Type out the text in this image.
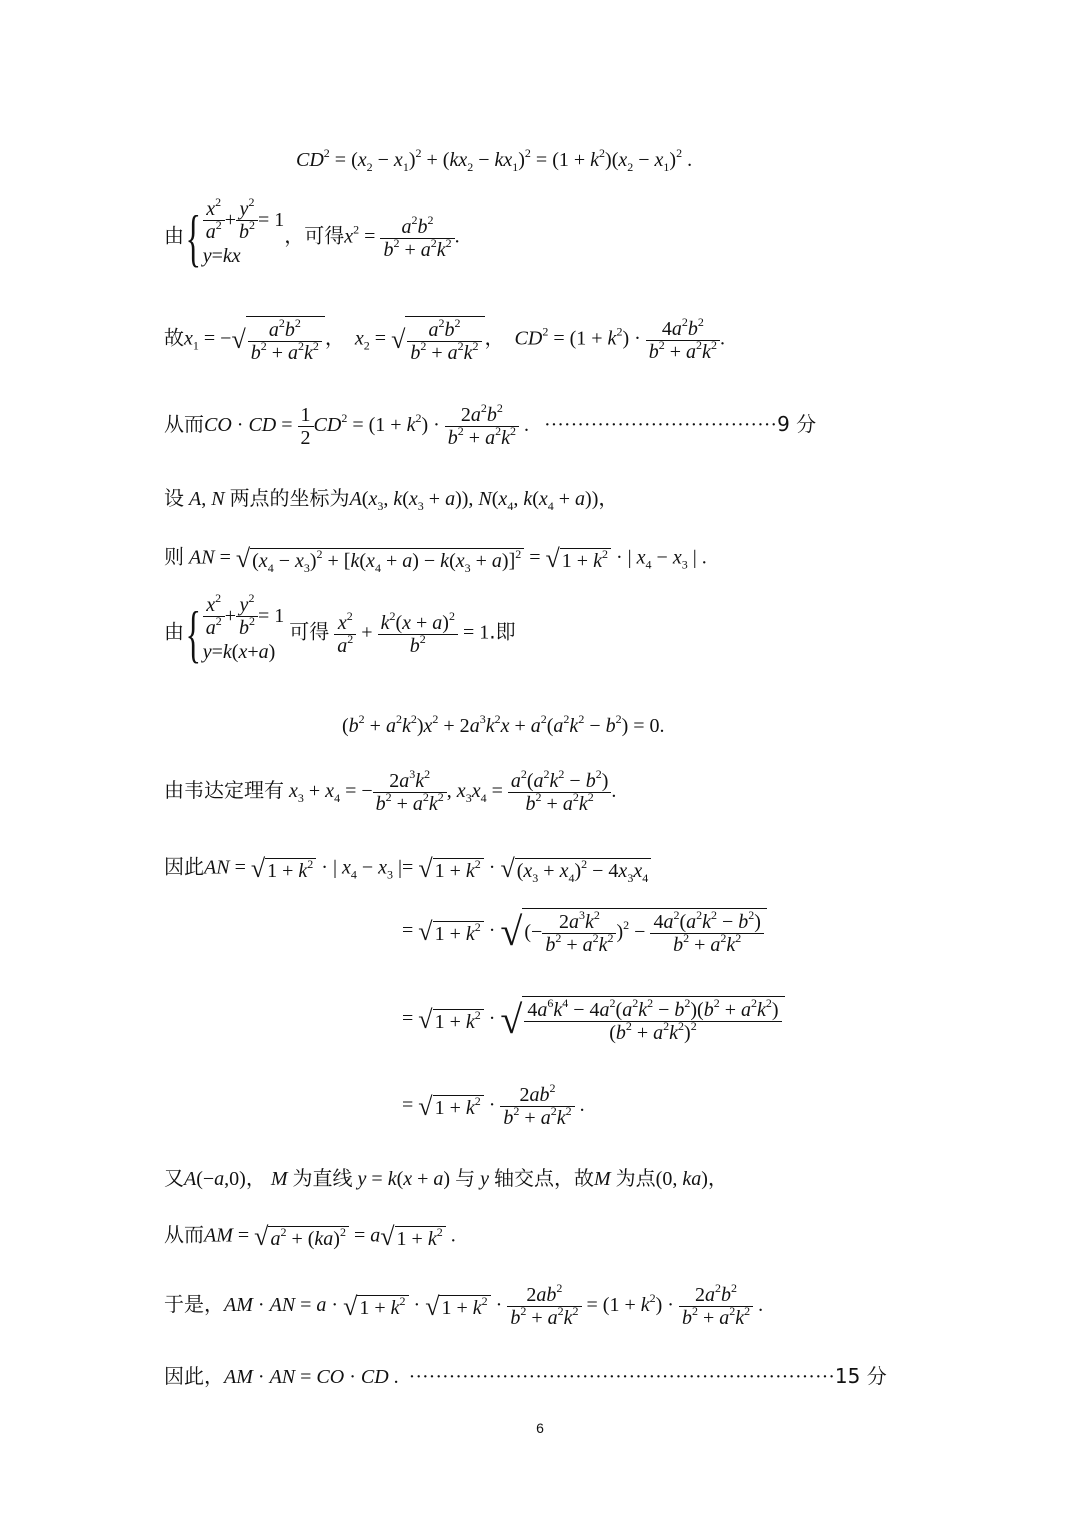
$CD^2 = (x_2 - x_1)^2 + (kx_2 - kx_1)^2 = (1 + k^2)(x_2 - x_1)^2$ .
由{ $\frac{x^2}{a^2} + \frac{y^2}{b^2} = 1$
y = kx
，可得$x^2 = \frac{a^2b^2}{b^2 + a^2k^2}$ .
故$x_1$ = −√ $\frac{a^2b^2}{b^2 + a^2k^2}$ ， $x_2$ = √ $\frac{a^2b^2}{b^2 + a^2k^2}$ ， $CD^2 = (1 + k^2) \cdot \frac{4a^2b^2}{b^2 + a^2k^2}$ .
从而CO · CD = $\frac{1}{2} CD^2 = (1 + k^2) \cdot \frac{2a^2b^2}{b^2 + a^2k^2}$ .   ···································9 分
设 A, N 两点的坐标为$A(x_3$, $k(x_3 + a)$), $N(x_4$, $k(x_4 + a)$)，
则 AN = √ $(x_4 - x_3)^2 + [k(x_4 + a) - k(x_3 + a)]^2$ = √ $1 + k^2$ · | $x_4 - x_3$ | .
由{ $\frac{x^2}{a^2} + \frac{y^2}{b^2} = 1$
y = k ( x + a )
可得 $\frac{x^2}{a^2} + \frac{k^2(x + a)^2}{b^2} = 1$.即
$(b^2 + a^2k^2)x^2 + 2a^3k^2x + a^2(a^2k^2 - b^2) = 0$.
由韦达定理有 $x_3 + x_4$ = − $\frac{2a^3k^2}{b^2 + a^2k^2}$ , $x_3x_4 = \frac{a^2(a^2k^2 - b^2)}{b^2 + a^2k^2}$ .
因此AN = √ $1 + k^2$ · | $x_4 - x_3$ |= √ $1 + k^2$ · √ $(x_3 + x_4)^2 - 4x_3x_4$
= √ $1 + k^2$ · √ (− $\frac{2a^3k^2}{b^2 + a^2k^2} )^2 - \frac{4a^2(a^2k^2 - b^2)}{b^2 + a^2k^2}$
= √ $1 + k^2$ · √ $\frac{4a^6k^4 - 4a^2(a^2k^2 - b^2)(b^2 + a^2k^2)}{(b^2 + a^2k^2)^2}$
= √ $1 + k^2 \cdot \frac{2ab^2}{b^2 + a^2k^2}$ .
又A(−a,0)， M 为直线 y = k(x + a) 与 y 轴交点，故M 为点(0, ka)，
从而AM = √ $a^2 + (ka)^2 = a√$ $1 + k^2$ .
于是，AM · AN = a · √ $1 + k^2$ · √ $1 + k^2 \cdot \frac{2ab^2}{b^2 + a^2k^2} = (1 + k^2) \cdot \frac{2a^2b^2}{b^2 + a^2k^2}$ .
因此，AM · AN = CO · CD .  ································································15 分
6
